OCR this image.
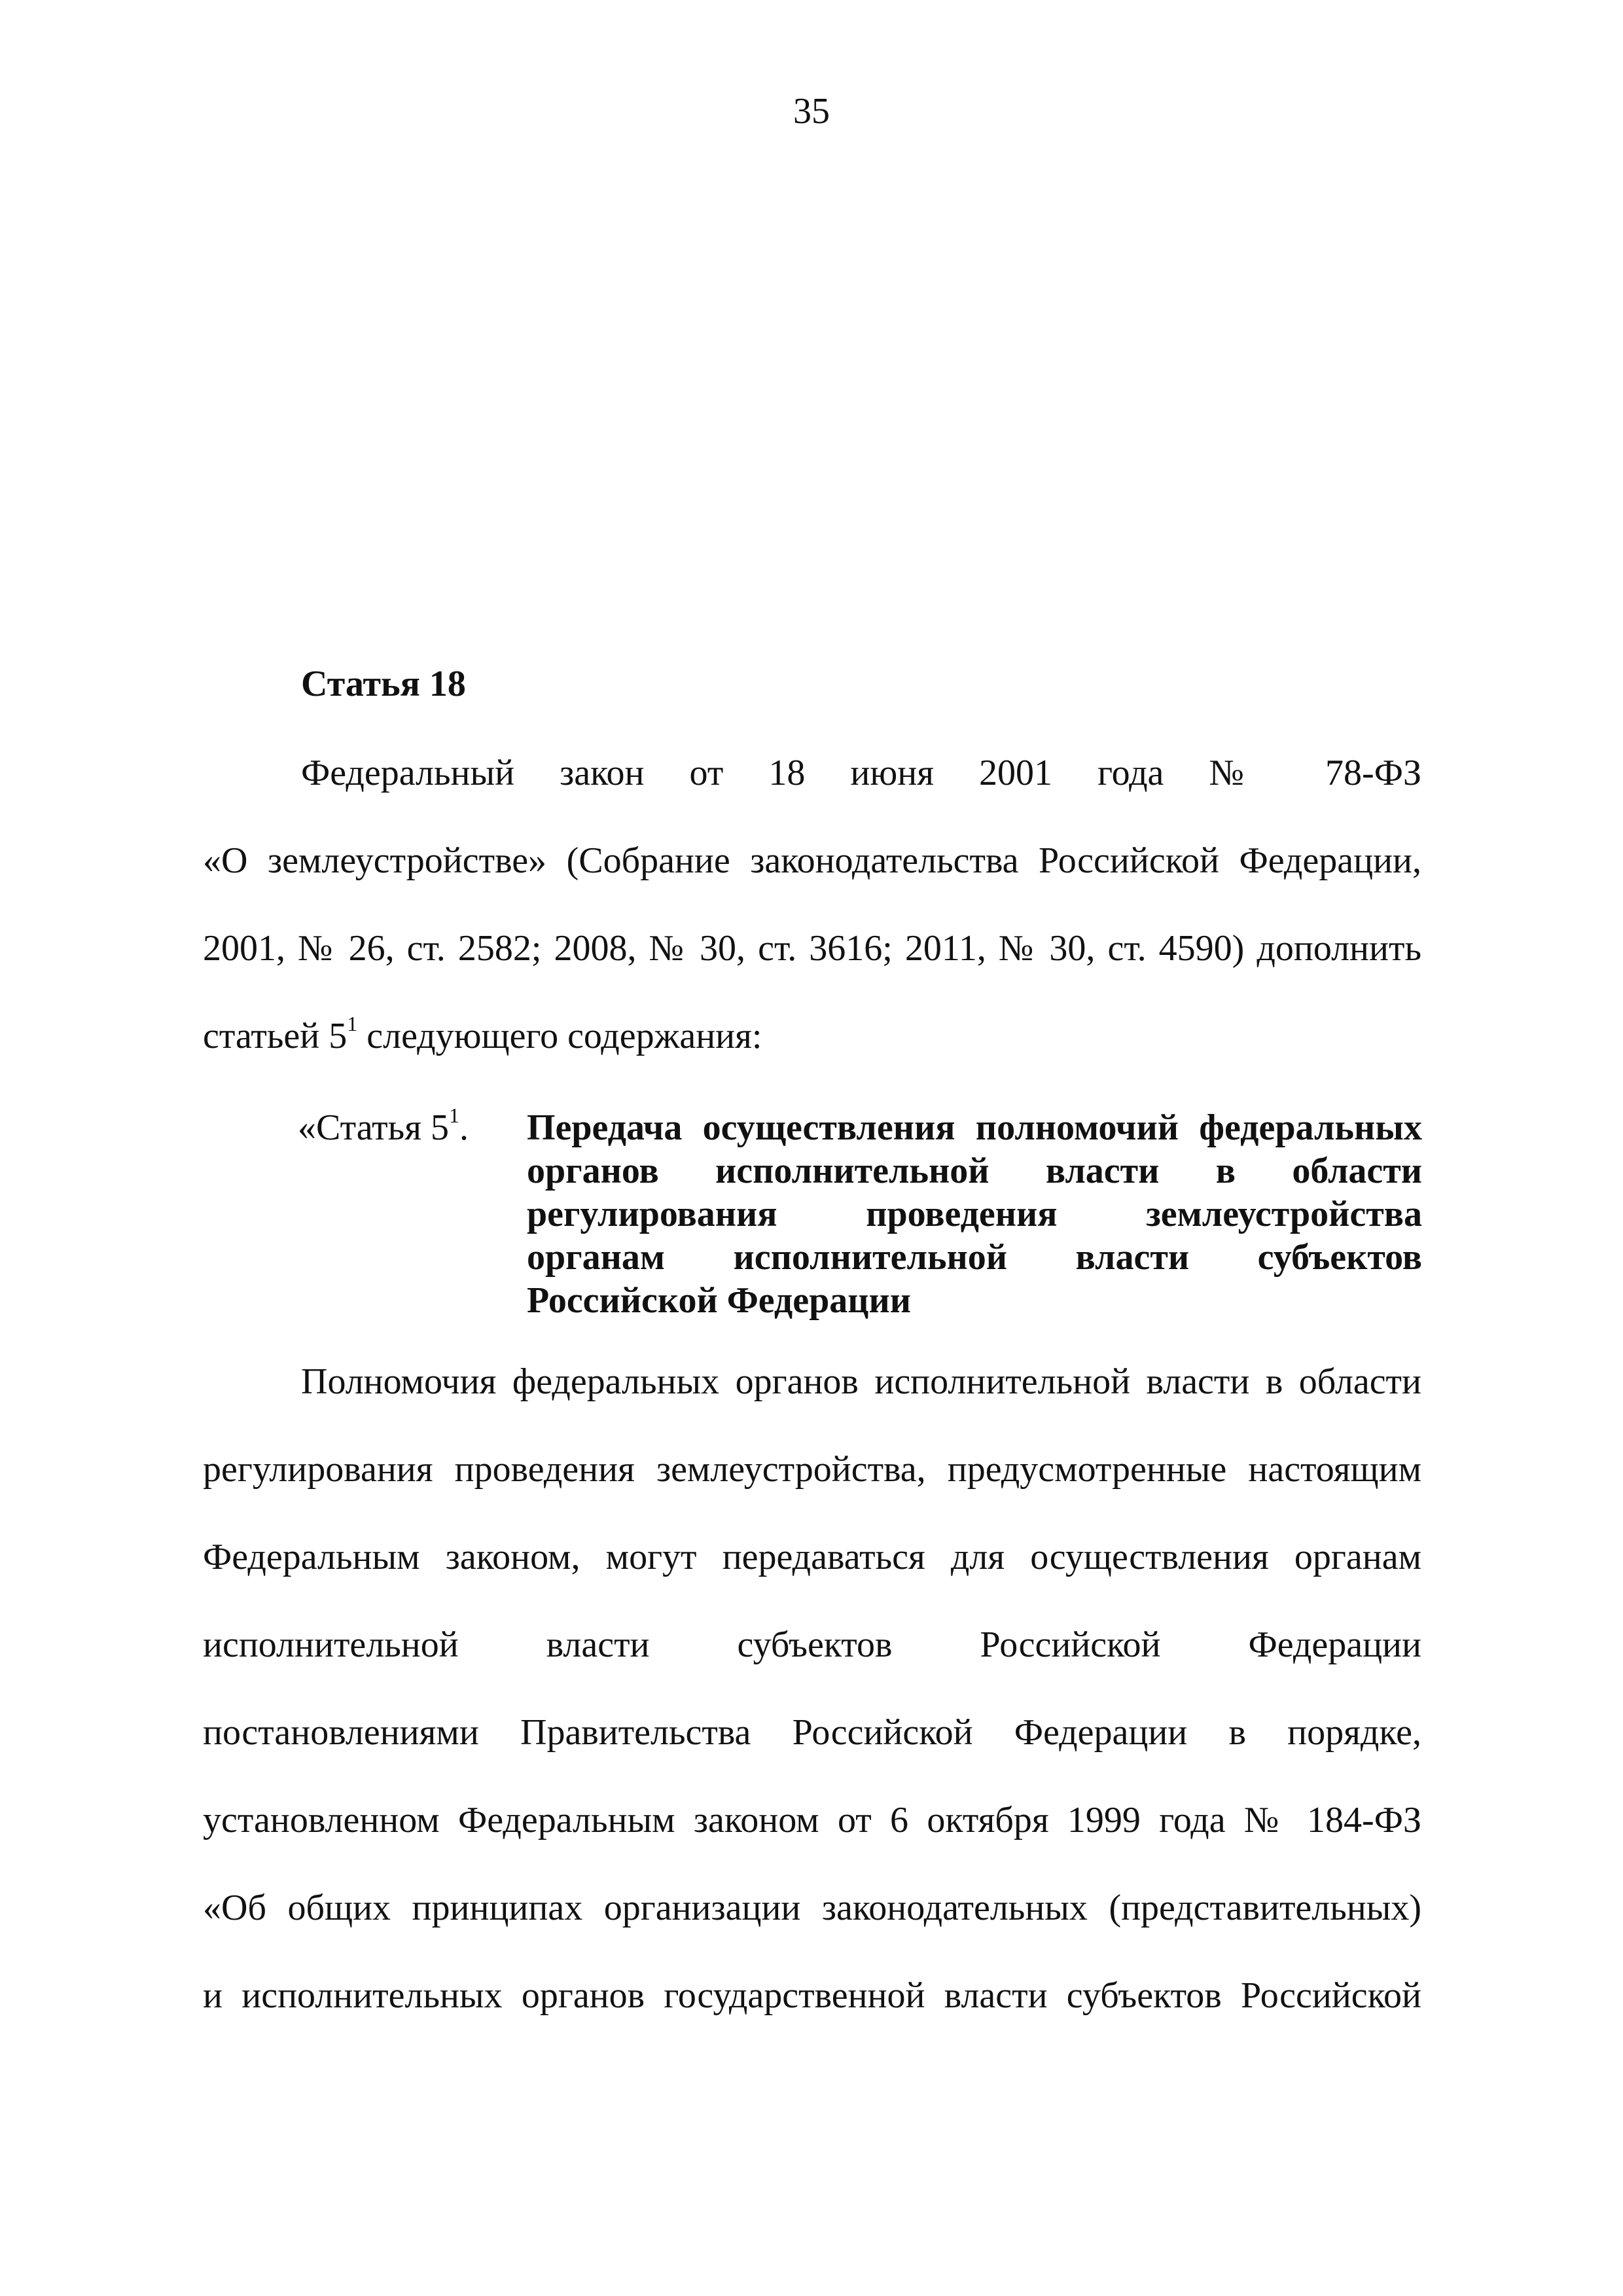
35
Статья 18
Федеральный закон от 18 июня 2001 года № 78-ФЗ
«О землеустройстве» (Собрание законодательства Российской Федерации,
2001, № 26, ст. 2582; 2008, № 30, ст. 3616; 2011, № 30, ст. 4590) дополнить
статьей $5^1$ следующего содержания:
«Статья $5^1$. Передача осуществления полномочий федеральных
органов исполнительной власти в области
регулирования проведения землеустройства
органам исполнительной власти субъектов
Российской Федерации
Полномочия федеральных органов исполнительной власти в области
регулирования проведения землеустройства, предусмотренные настоящим
Федеральным законом, могут передаваться для осуществления органам
исполнительной власти субъектов Российской Федерации
постановлениями Правительства Российской Федерации в порядке,
установленном Федеральным законом от 6 октября 1999 года № 184-ФЗ
«Об общих принципах организации законодательных (представительных)
и исполнительных органов государственной власти субъектов Российской
